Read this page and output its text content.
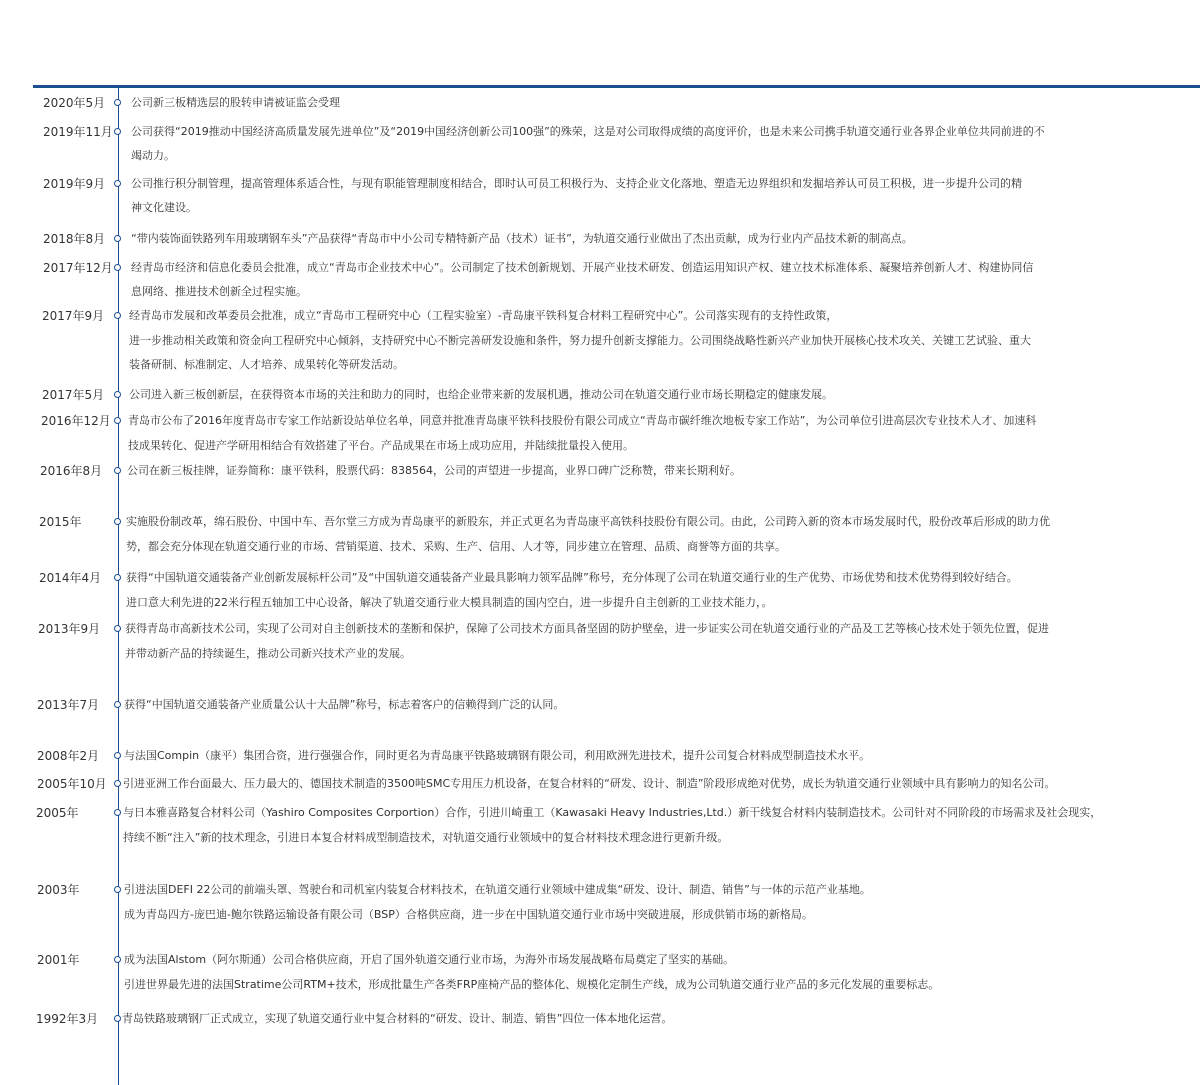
2020年5月 公司新三板精选层的股转申请被证监会受理
2019年11月 公司获得“2019推动中国经济高质量发展先进单位”及“2019中国经济创新公司100强”的殊荣，这是对公司取得成绩的高度评价，也是未来公司携手轨道交通行业各界企业单位共同前进的不
竭动力。
2019年9月 公司推行积分制管理，提高管理体系适合性，与现有职能管理制度相结合，即时认可员工积极行为、支持企业文化落地、塑造无边界组织和发掘培养认可员工积极，进一步提升公司的精
神文化建设。
2018年8月 “带内装饰面铁路列车用玻璃钢车头”产品获得“青岛市中小公司专精特新产品（技术）证书”，为轨道交通行业做出了杰出贡献，成为行业内产品技术新的制高点。
2017年12月 经青岛市经济和信息化委员会批准，成立“青岛市企业技术中心”。公司制定了技术创新规划、开展产业技术研发、创造运用知识产权、建立技术标准体系、凝聚培养创新人才、构建协同信
息网络、推进技术创新全过程实施。
2017年9月 经青岛市发展和改革委员会批准，成立“青岛市工程研究中心（工程实验室）-青岛康平铁科复合材料工程研究中心”。公司落实现有的支持性政策，
进一步推动相关政策和资金向工程研究中心倾斜，支持研究中心不断完善研发设施和条件，努力提升创新支撑能力。公司围绕战略性新兴产业加快开展核心技术攻关、关键工艺试验、重大
装备研制、标准制定、人才培养、成果转化等研发活动。
2017年5月 公司进入新三板创新层，在获得资本市场的关注和助力的同时，也给企业带来新的发展机遇，推动公司在轨道交通行业市场长期稳定的健康发展。
2016年12月 青岛市公布了2016年度青岛市专家工作站新设站单位名单，同意并批准青岛康平铁科技股份有限公司成立“青岛市碳纤维次地板专家工作站”，为公司单位引进高层次专业技术人才、加速科
技成果转化、促进产学研用相结合有效搭建了平台。产品成果在市场上成功应用，并陆续批量投入使用。
2016年8月 公司在新三板挂牌，证券简称：康平铁科，股票代码：838564，公司的声望进一步提高，业界口碑广泛称赞，带来长期利好。
2015年	实施股份制改革，绵石股份、中国中车、吾尔堂三方成为青岛康平的新股东，并正式更名为青岛康平高铁科技股份有限公司。由此，公司跨入新的资本市场发展时代，股份改革后形成的助力优
势，都会充分体现在轨道交通行业的市场、营销渠道、技术、采购、生产、信用、人才等，同步建立在管理、品质、商誉等方面的共享。
2014年4月 获得“中国轨道交通装备产业创新发展标杆公司”及“中国轨道交通装备产业最具影响力领军品牌”称号，充分体现了公司在轨道交通行业的生产优势、市场优势和技术优势得到较好结合。
进口意大利先进的22米行程五轴加工中心设备，解决了轨道交通行业大模具制造的国内空白，进一步提升自主创新的工业技术能力，。
2013年9月 获得青岛市高新技术公司，实现了公司对自主创新技术的垄断和保护，保障了公司技术方面具备坚固的防护壁垒，进一步证实公司在轨道交通行业的产品及工艺等核心技术处于领先位置，促进
并带动新产品的持续诞生，推动公司新兴技术产业的发展。
2013年7月 获得“中国轨道交通装备产业质量公认十大品牌”称号，标志着客户的信赖得到广泛的认同。
2008年2月 与法国Compin（康平）集团合资，进行强强合作，同时更名为青岛康平铁路玻璃钢有限公司，利用欧洲先进技术，提升公司复合材料成型制造技术水平。
2005年10月 引进亚洲工作台面最大、压力最大的、德国技术制造的3500吨SMC专用压力机设备，在复合材料的“研发、设计、制造”阶段形成绝对优势，成长为轨道交通行业领域中具有影响力的知名公司。
2005年	与日本雅喜路复合材料公司（Yashiro Composites Corportion）合作，引进川崎重工（Kawasaki Heavy Industries,Ltd.）新干线复合材料内装制造技术。公司针对不同阶段的市场需求及社会现实，
持续不断“注入”新的技术理念，引进日本复合材料成型制造技术，对轨道交通行业领域中的复合材料技术理念进行更新升级。
2003年	引进法国DEFI 22公司的前端头罩、驾驶台和司机室内装复合材料技术，在轨道交通行业领域中建成集“研发、设计、制造、销售”与一体的示范产业基地。
成为青岛四方-庞巴迪-鲍尔铁路运输设备有限公司（BSP）合格供应商，进一步在中国轨道交通行业市场中突破进展，形成供销市场的新格局。
2001年	成为法国Alstom（阿尔斯通）公司合格供应商，开启了国外轨道交通行业市场，为海外市场发展战略布局奠定了坚实的基础。
引进世界最先进的法国Stratime公司RTM+技术，形成批量生产各类FRP座椅产品的整体化、规模化定制生产线，成为公司轨道交通行业产品的多元化发展的重要标志。
1992年3月 青岛铁路玻璃钢厂正式成立，实现了轨道交通行业中复合材料的“研发、设计、制造、销售”四位一体本地化运营。
